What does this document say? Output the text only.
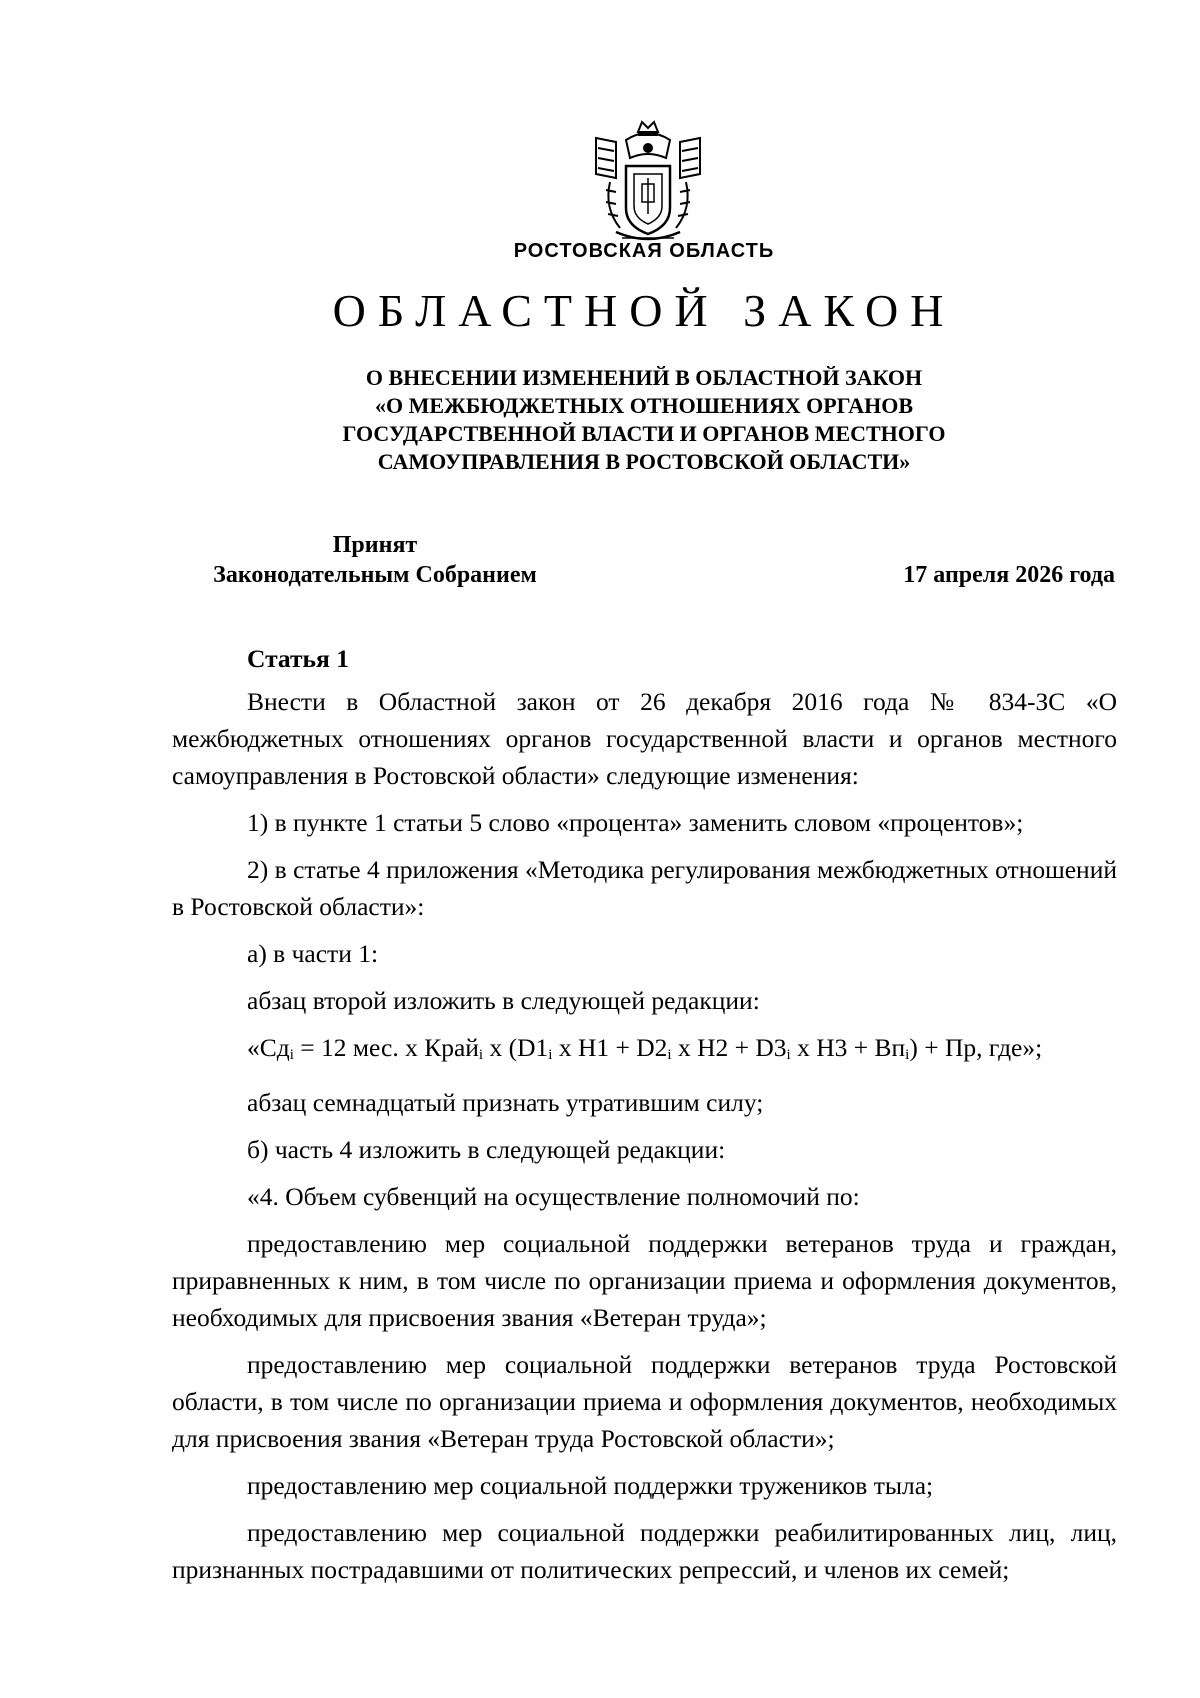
РОСТОВСКАЯ ОБЛАСТЬ
ОБЛАСТНОЙ ЗАКОН
О ВНЕСЕНИИ ИЗМЕНЕНИЙ В ОБЛАСТНОЙ ЗАКОН
«О МЕЖБЮДЖЕТНЫХ ОТНОШЕНИЯХ ОРГАНОВ
ГОСУДАРСТВЕННОЙ ВЛАСТИ И ОРГАНОВ МЕСТНОГО
САМОУПРАВЛЕНИЯ В РОСТОВСКОЙ ОБЛАСТИ»
Принят
Законодательным Собранием	17 апреля 2026 года
Статья 1
Внести в Областной закон от 26 декабря 2016 года № 834-ЗС «О межбюджетных отношениях органов государственной власти и органов местного самоуправления в Ростовской области» следующие изменения:
1) в пункте 1 статьи 5 слово «процента» заменить словом «процентов»;
2) в статье 4 приложения «Методика регулирования межбюджетных отношений в Ростовской области»:
а) в части 1:
абзац второй изложить в следующей редакции:
«$Сд_i = 12$ мес. x Край$_i$ x ($D1_i$ x $Н1 + D2_i$ x $Н2 + D3_i$ x $Н3 + Вп_i$) + Пр, где»;
абзац семнадцатый признать утратившим силу;
б) часть 4 изложить в следующей редакции:
«4. Объем субвенций на осуществление полномочий по:
предоставлению мер социальной поддержки ветеранов труда и граждан, приравненных к ним, в том числе по организации приема и оформления документов, необходимых для присвоения звания «Ветеран труда»;
предоставлению мер социальной поддержки ветеранов труда Ростовской области, в том числе по организации приема и оформления документов, необходимых для присвоения звания «Ветеран труда Ростовской области»;
предоставлению мер социальной поддержки тружеников тыла;
предоставлению мер социальной поддержки реабилитированных лиц, лиц, признанных пострадавшими от политических репрессий, и членов их семей;
